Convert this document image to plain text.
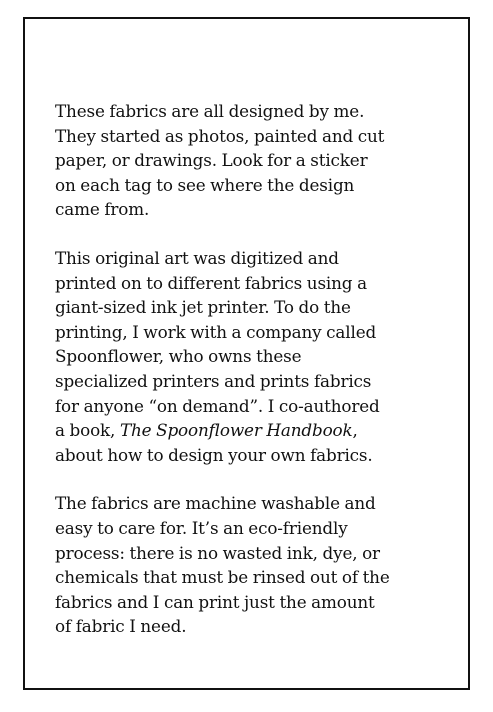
These fabrics are all designed by me.
They started as photos, painted and cut
paper, or drawings. Look for a sticker
on each tag to see where the design
came from.

This original art was digitized and
printed on to different fabrics using a
giant-sized ink jet printer. To do the
printing, I work with a company called
Spoonflower, who owns these
specialized printers and prints fabrics
for anyone “on demand”. I co-authored
a book, The Spoonflower Handbook,
about how to design your own fabrics.

The fabrics are machine washable and
easy to care for. It’s an eco-friendly
process: there is no wasted ink, dye, or
chemicals that must be rinsed out of the
fabrics and I can print just the amount
of fabric I need.
